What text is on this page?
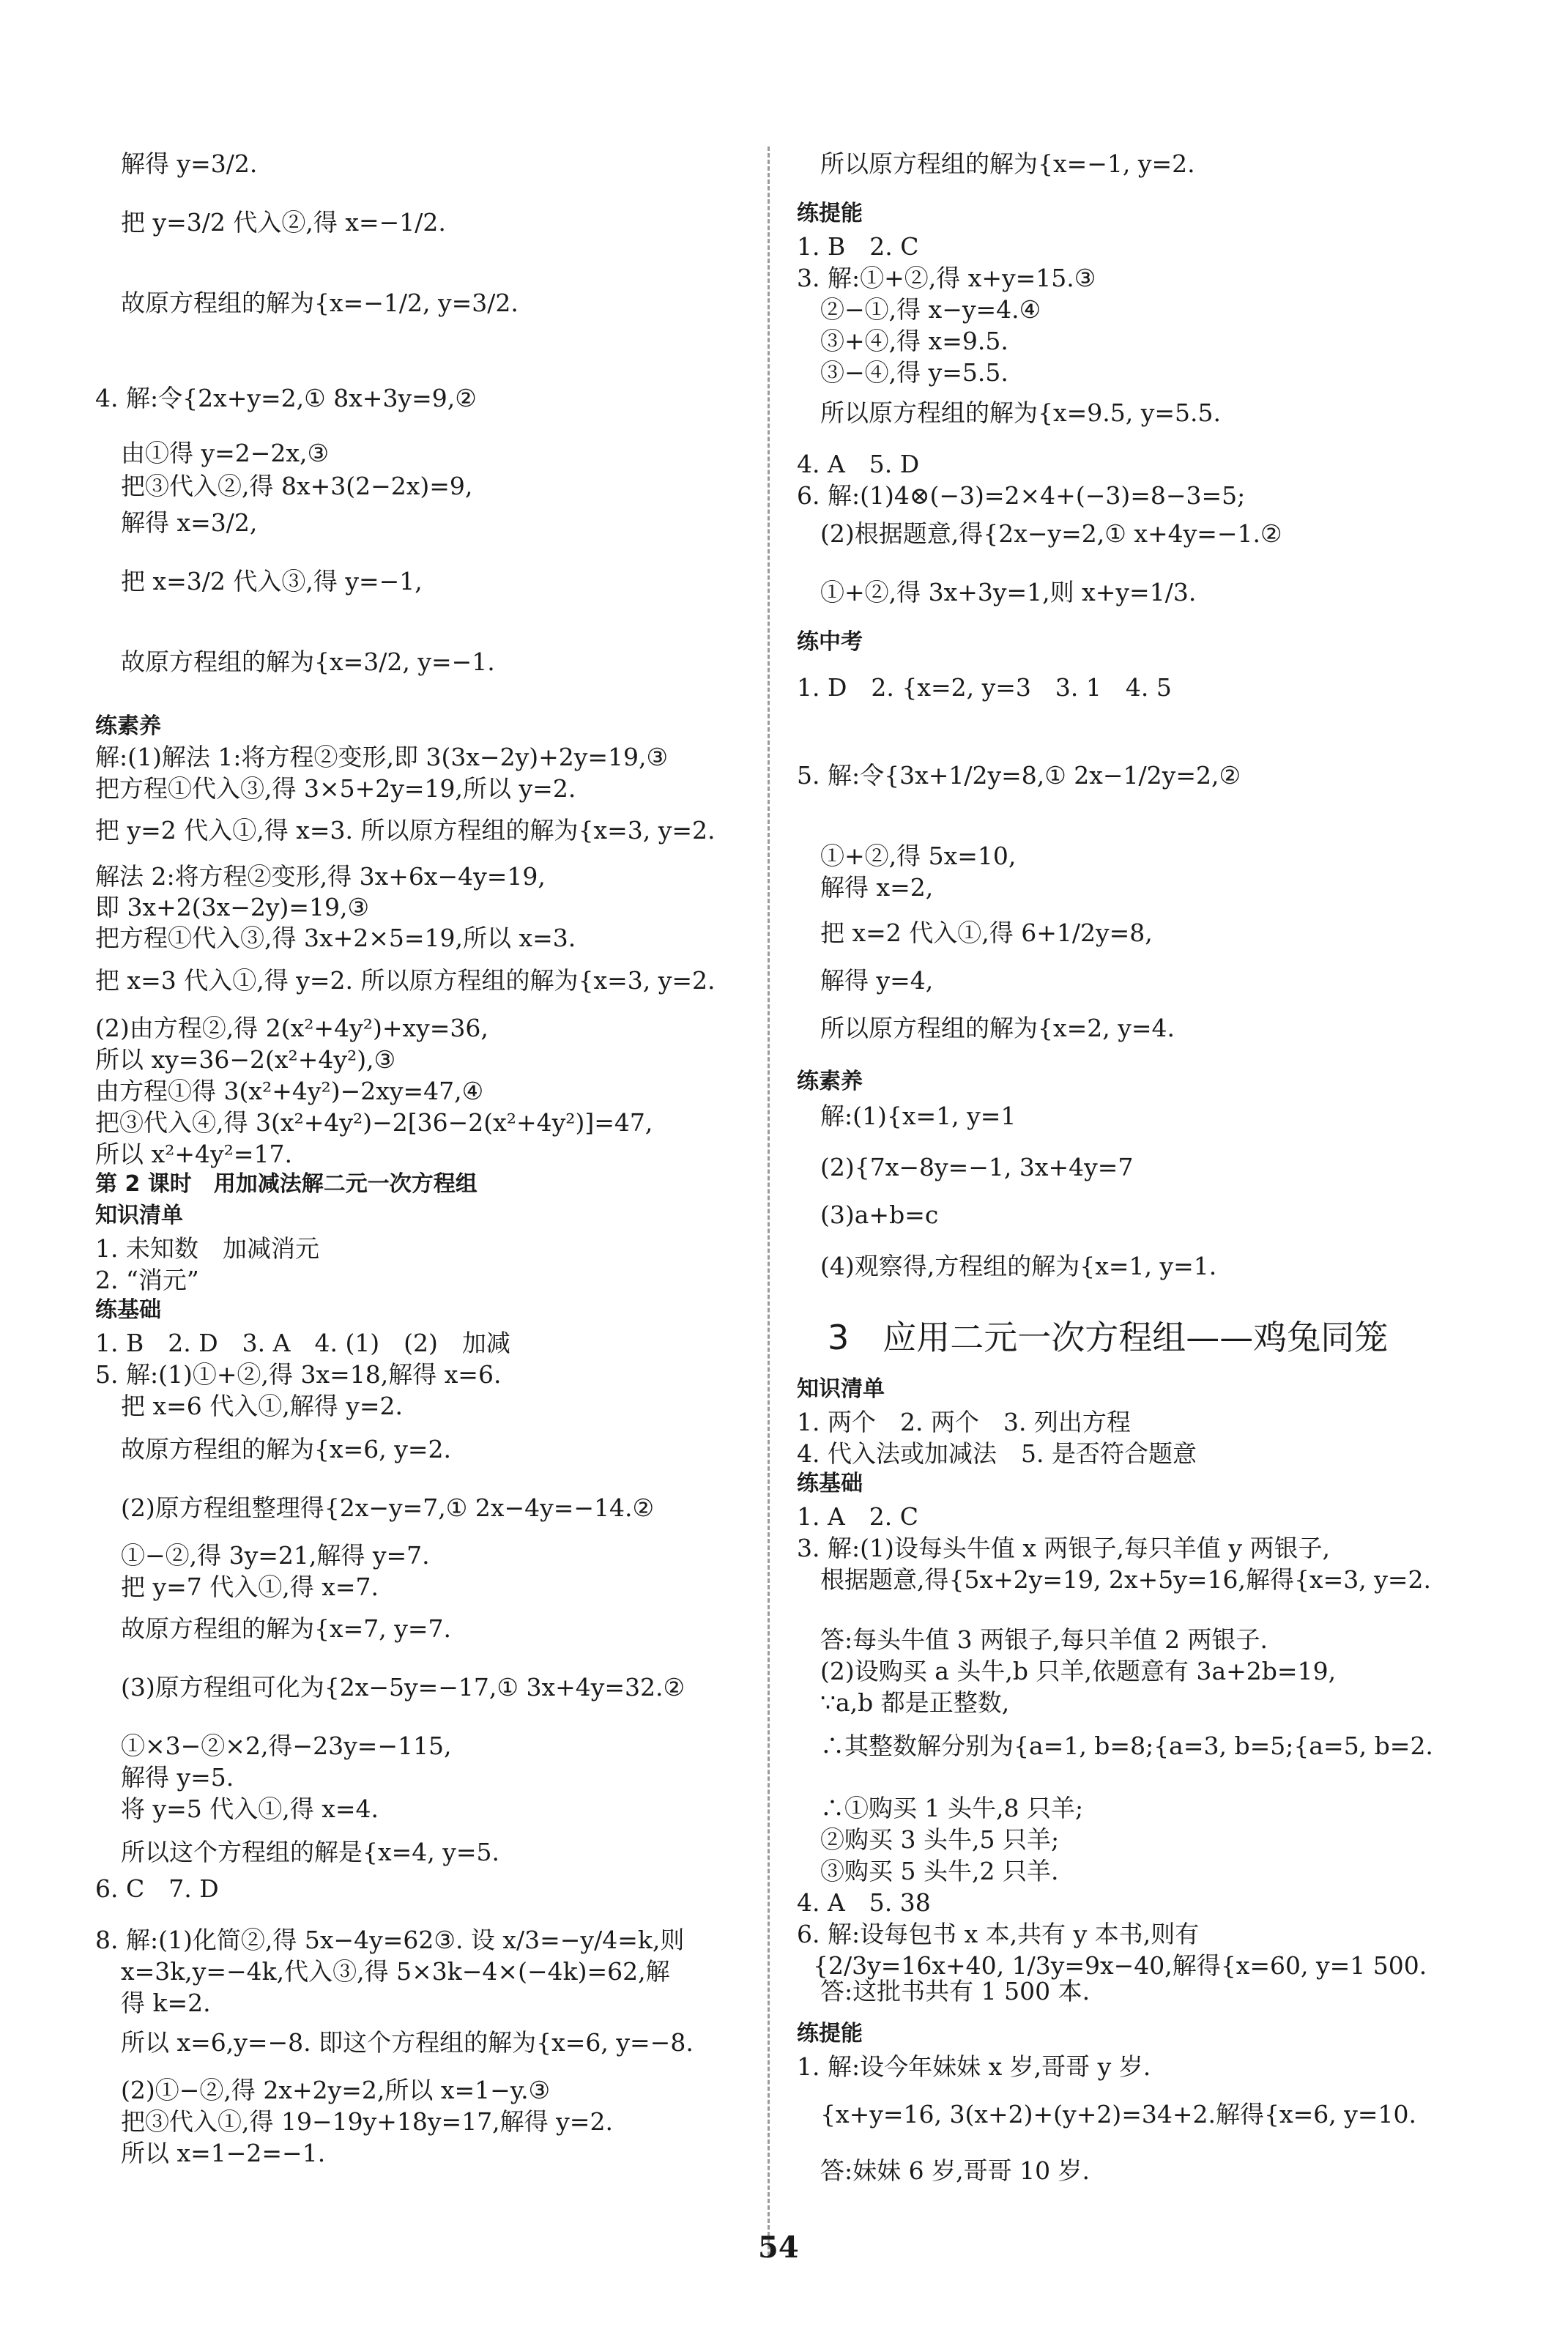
解得 y=3/2.
把 y=3/2 代入②,得 x=−1/2.
故原方程组的解为{x=−1/2, y=3/2.
4. 解:令{2x+y=2,① 8x+3y=9,②
由①得 y=2−2x,③
把③代入②,得 8x+3(2−2x)=9,
解得 x=3/2,
把 x=3/2 代入③,得 y=−1,
故原方程组的解为{x=3/2, y=−1.
练素养
解:(1)解法 1:将方程②变形,即 3(3x−2y)+2y=19,③
把方程①代入③,得 3×5+2y=19,所以 y=2.
把 y=2 代入①,得 x=3. 所以原方程组的解为{x=3, y=2.
解法 2:将方程②变形,得 3x+6x−4y=19,
即 3x+2(3x−2y)=19,③
把方程①代入③,得 3x+2×5=19,所以 x=3.
把 x=3 代入①,得 y=2. 所以原方程组的解为{x=3, y=2.
(2)由方程②,得 2(x²+4y²)+xy=36,
所以 xy=36−2(x²+4y²),③
由方程①得 3(x²+4y²)−2xy=47,④
把③代入④,得 3(x²+4y²)−2[36−2(x²+4y²)]=47,
所以 x²+4y²=17.
第 2 课时　用加减法解二元一次方程组
知识清单
1. 未知数　加减消元
2. “消元”
练基础
1. B　2. D　3. A　4. (1)　(2)　加减
5. 解:(1)①+②,得 3x=18,解得 x=6.
把 x=6 代入①,解得 y=2.
故原方程组的解为{x=6, y=2.
(2)原方程组整理得{2x−y=7,① 2x−4y=−14.②
①−②,得 3y=21,解得 y=7.
把 y=7 代入①,得 x=7.
故原方程组的解为{x=7, y=7.
(3)原方程组可化为{2x−5y=−17,① 3x+4y=32.②
①×3−②×2,得−23y=−115,
解得 y=5.
将 y=5 代入①,得 x=4.
所以这个方程组的解是{x=4, y=5.
6. C　7. D
8. 解:(1)化简②,得 5x−4y=62③. 设 x/3=−y/4=k,则
x=3k,y=−4k,代入③,得 5×3k−4×(−4k)=62,解
得 k=2.
所以 x=6,y=−8. 即这个方程组的解为{x=6, y=−8.
(2)①−②,得 2x+2y=2,所以 x=1−y.③
把③代入①,得 19−19y+18y=17,解得 y=2.
所以 x=1−2=−1.
所以原方程组的解为{x=−1, y=2.
练提能
1. B　2. C
3. 解:①+②,得 x+y=15.③
②−①,得 x−y=4.④
③+④,得 x=9.5.
③−④,得 y=5.5.
所以原方程组的解为{x=9.5, y=5.5.
4. A　5. D
6. 解:(1)4⊗(−3)=2×4+(−3)=8−3=5;
(2)根据题意,得{2x−y=2,① x+4y=−1.②
①+②,得 3x+3y=1,则 x+y=1/3.
练中考
1. D　2. {x=2, y=3　3. 1　4. 5
5. 解:令{3x+1/2y=8,① 2x−1/2y=2,②
①+②,得 5x=10,
解得 x=2,
把 x=2 代入①,得 6+1/2y=8,
解得 y=4,
所以原方程组的解为{x=2, y=4.
练素养
解:(1){x=1, y=1
(2){7x−8y=−1, 3x+4y=7
(3)a+b=c
(4)观察得,方程组的解为{x=1, y=1.
3　应用二元一次方程组——鸡兔同笼
知识清单
1. 两个　2. 两个　3. 列出方程
4. 代入法或加减法　5. 是否符合题意
练基础
1. A　2. C
3. 解:(1)设每头牛值 x 两银子,每只羊值 y 两银子,
根据题意,得{5x+2y=19, 2x+5y=16,解得{x=3, y=2.
答:每头牛值 3 两银子,每只羊值 2 两银子.
(2)设购买 a 头牛,b 只羊,依题意有 3a+2b=19,
∵a,b 都是正整数,
∴其整数解分别为{a=1, b=8;{a=3, b=5;{a=5, b=2.
∴①购买 1 头牛,8 只羊;
②购买 3 头牛,5 只羊;
③购买 5 头牛,2 只羊.
4. A　5. 38
6. 解:设每包书 x 本,共有 y 本书,则有
{2/3y=16x+40, 1/3y=9x−40,解得{x=60, y=1 500.
答:这批书共有 1 500 本.
练提能
1. 解:设今年妹妹 x 岁,哥哥 y 岁.
{x+y=16, 3(x+2)+(y+2)=34+2.解得{x=6, y=10.
答:妹妹 6 岁,哥哥 10 岁.
54
